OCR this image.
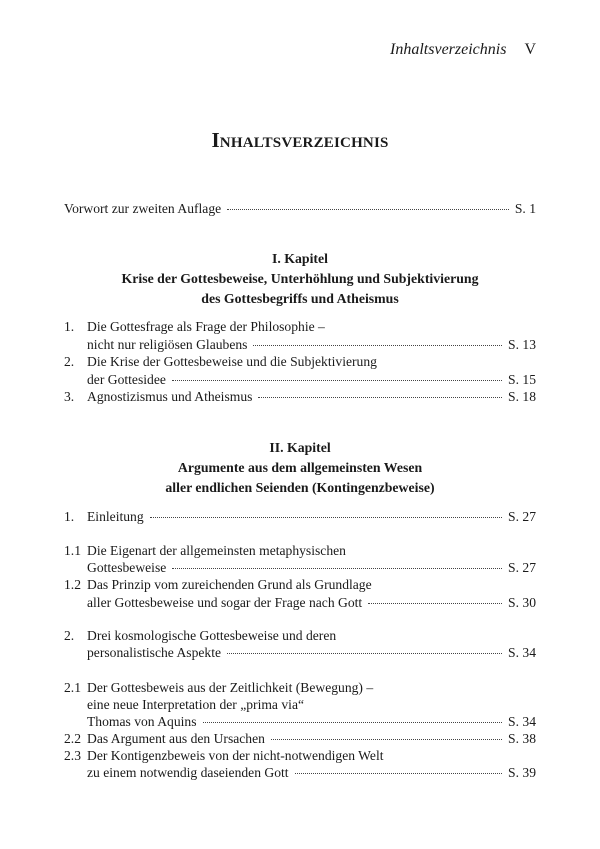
Inhaltsverzeichnis V
Inhaltsverzeichnis
Vorwort zur zweiten Auflage	S. 1
I. Kapitel
Krise der Gottesbeweise, Unterhöhlung und Subjektivierung
des Gottesbegriffs und Atheismus
1. Die Gottesfrage als Frage der Philosophie –
nicht nur religiösen Glaubens	S. 13
2. Die Krise der Gottesbeweise und die Subjektivierung
der Gottesidee	S. 15
3. Agnostizismus und Atheismus	S. 18
II. Kapitel
Argumente aus dem allgemeinsten Wesen
aller endlichen Seienden (Kontingenzbeweise)
1. Einleitung	S. 27
1.1 Die Eigenart der allgemeinsten metaphysischen
Gottesbeweise	S. 27
1.2 Das Prinzip vom zureichenden Grund als Grundlage
aller Gottesbeweise und sogar der Frage nach Gott	S. 30
2. Drei kosmologische Gottesbeweise und deren
personalistische Aspekte	S. 34
2.1 Der Gottesbeweis aus der Zeitlichkeit (Bewegung) –
eine neue Interpretation der „prima via“
Thomas von Aquins	S. 34
2.2 Das Argument aus den Ursachen	S. 38
2.3 Der Kontigenzbeweis von der nicht-notwendigen Welt
zu einem notwendig daseienden Gott	S. 39
